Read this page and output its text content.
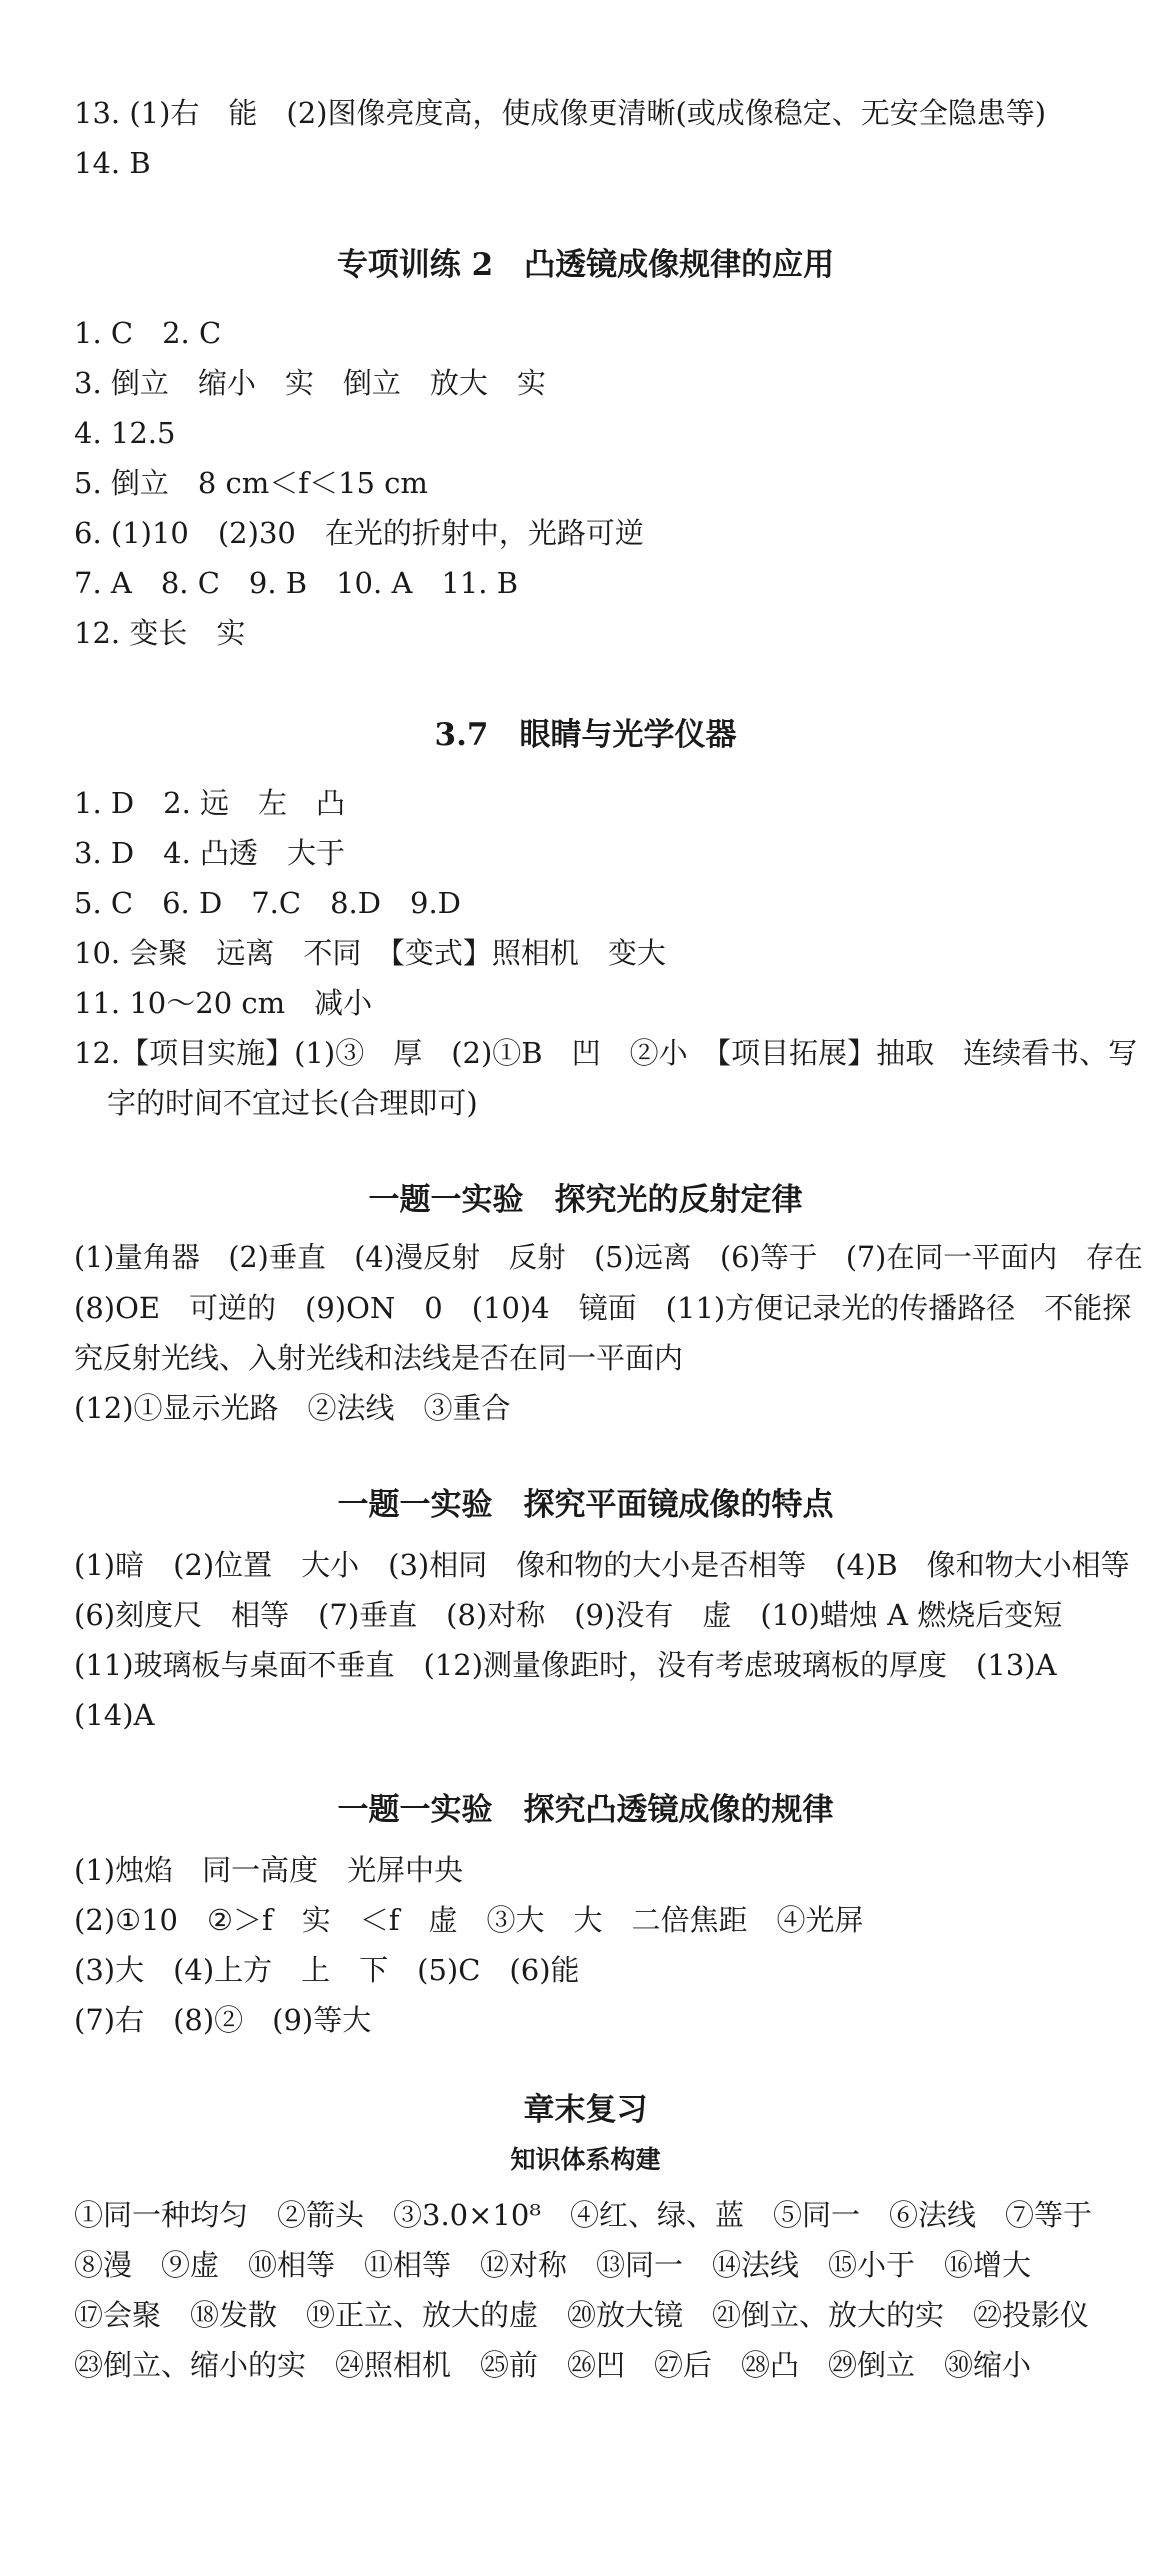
13. (1)右　能　(2)图像亮度高，使成像更清晰(或成像稳定、无安全隐患等)
14. B
专项训练 2　凸透镜成像规律的应用
1. C　2. C
3. 倒立　缩小　实　倒立　放大　实
4. 12.5
5. 倒立　8 cm＜f＜15 cm
6. (1)10　(2)30　在光的折射中，光路可逆
7. A　8. C　9. B　10. A　11. B
12. 变长　实
3.7　眼睛与光学仪器
1. D　2. 远　左　凸
3. D　4. 凸透　大于
5. C　6. D　7.C　8.D　9.D
10. 会聚　远离　不同　【变式】照相机　变大
11. 10～20 cm　减小
12.【项目实施】(1)③　厚　(2)①B　凹　②小　【项目拓展】抽取　连续看书、写
字的时间不宜过长(合理即可)
一题一实验　探究光的反射定律
(1)量角器　(2)垂直　(4)漫反射　反射　(5)远离　(6)等于　(7)在同一平面内　存在
(8)OE　可逆的　(9)ON　0　(10)4　镜面　(11)方便记录光的传播路径　不能探
究反射光线、入射光线和法线是否在同一平面内
(12)①显示光路　②法线　③重合
一题一实验　探究平面镜成像的特点
(1)暗　(2)位置　大小　(3)相同　像和物的大小是否相等　(4)B　像和物大小相等
(6)刻度尺　相等　(7)垂直　(8)对称　(9)没有　虚　(10)蜡烛 A 燃烧后变短
(11)玻璃板与桌面不垂直　(12)测量像距时，没有考虑玻璃板的厚度　(13)A
(14)A
一题一实验　探究凸透镜成像的规律
(1)烛焰　同一高度　光屏中央
(2)①10　②＞f　实　＜f　虚　③大　大　二倍焦距　④光屏
(3)大　(4)上方　上　下　(5)C　(6)能
(7)右　(8)②　(9)等大
章末复习
知识体系构建
①同一种均匀　②箭头　③3.0×10⁸　④红、绿、蓝　⑤同一　⑥法线　⑦等于
⑧漫　⑨虚　⑩相等　⑪相等　⑫对称　⑬同一　⑭法线　⑮小于　⑯增大
⑰会聚　⑱发散　⑲正立、放大的虚　⑳放大镜　㉑倒立、放大的实　㉒投影仪
㉓倒立、缩小的实　㉔照相机　㉕前　㉖凹　㉗后　㉘凸　㉙倒立　㉚缩小
